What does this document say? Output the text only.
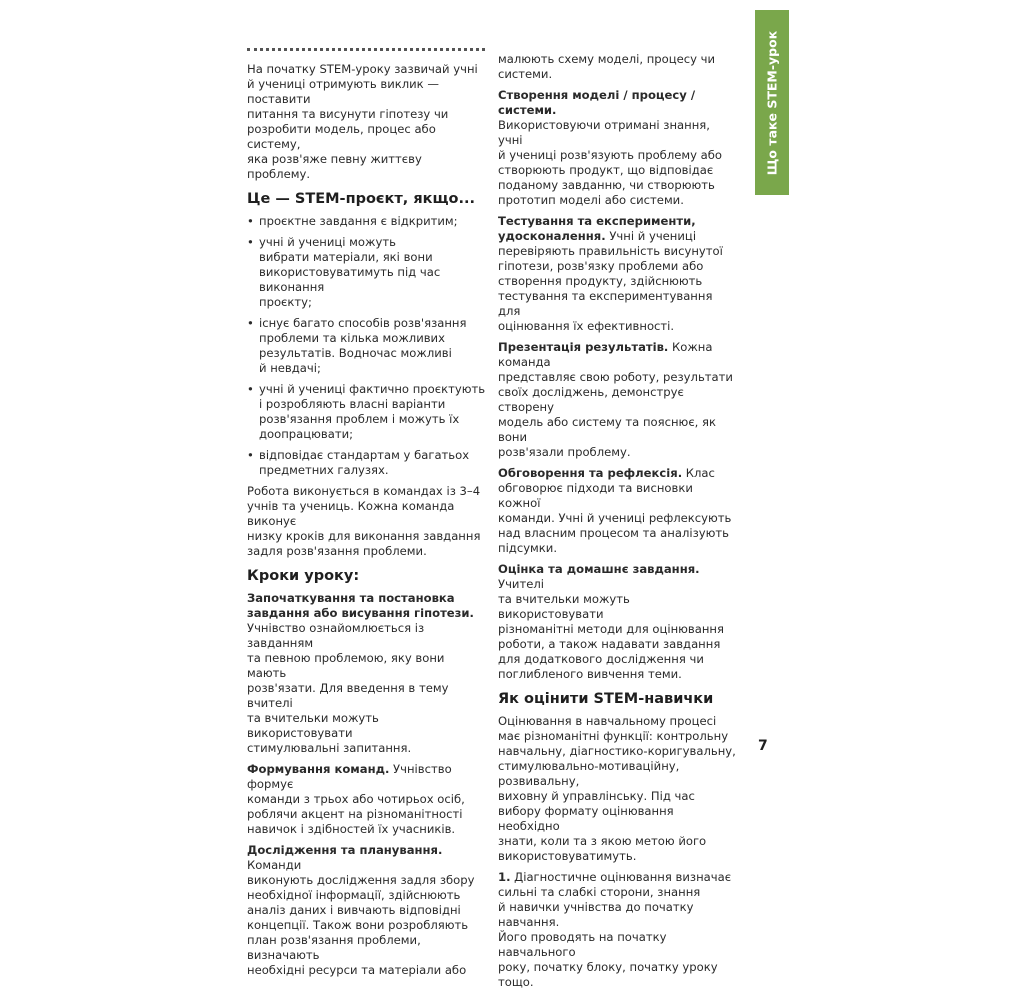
На початку STEM-уроку зазвичай учні
й учениці отримують виклик — поставити
питання та висунути гіпотезу чи
розробити модель, процес або систему,
яка розв'яже певну життєву проблему.

Це — STEM-проєкт, якщо...
• проєктне завдання є відкритим;
• учні й учениці можуть
вибрати матеріали, які вони
використовуватимуть під час виконання
проєкту;
• існує багато способів розв'язання
проблеми та кілька можливих
результатів. Водночас можливі
й невдачі;
• учні й учениці фактично проєктують
і розробляють власні варіанти
розв'язання проблем і можуть їх
доопрацювати;
• відповідає стандартам у багатьох
предметних галузях.

Робота виконується в командах із 3–4
учнів та учениць. Кожна команда виконує
низку кроків для виконання завдання
задля розв'язання проблеми.

Кроки уроку:

Започаткування та постановка
завдання або висування гіпотези.
Учнівство ознайомлюється із завданням
та певною проблемою, яку вони мають
розв'язати. Для введення в тему вчителі
та вчительки можуть використовувати
стимулювальні запитання.

Формування команд. Учнівство формує
команди з трьох або чотирьох осіб,
роблячи акцент на різноманітності
навичок і здібностей їх учасників.

Дослідження та планування. Команди
виконують дослідження задля збору
необхідної інформації, здійснюють
аналіз даних і вивчають відповідні
концепції. Також вони розробляють
план розв'язання проблеми, визначають
необхідні ресурси та матеріали або

малюють схему моделі, процесу чи
системи.

Створення моделі / процесу / системи.
Використовуючи отримані знання, учні
й учениці розв'язують проблему або
створюють продукт, що відповідає
поданому завданню, чи створюють
прототип моделі або системи.

Тестування та експерименти,
удосконалення. Учні й учениці
перевіряють правильність висунутої
гіпотези, розв'язку проблеми або
створення продукту, здійснюють
тестування та експериментування для
оцінювання їх ефективності.

Презентація результатів. Кожна команда
представляє свою роботу, результати
своїх досліджень, демонструє створену
модель або систему та пояснює, як вони
розв'язали проблему.

Обговорення та рефлексія. Клас
обговорює підходи та висновки кожної
команди. Учні й учениці рефлексують
над власним процесом та аналізують
підсумки.

Оцінка та домашнє завдання. Учителі
та вчительки можуть використовувати
різноманітні методи для оцінювання
роботи, а також надавати завдання
для додаткового дослідження чи
поглибленого вивчення теми.

Як оцінити STEM-навички

Оцінювання в навчальному процесі
має різноманітні функції: контрольну
навчальну, діагностико-коригувальну,
стимулювально-мотиваційну, розвивальну,
виховну й управлінську. Під час
вибору формату оцінювання необхідно
знати, коли та з якою метою його
використовуватимуть.

1. Діагностичне оцінювання визначає
сильні та слабкі сторони, знання
й навички учнівства до початку навчання.
Його проводять на початку навчального
року, початку блоку, початку уроку тощо.

Що таке STEM-урок
7
